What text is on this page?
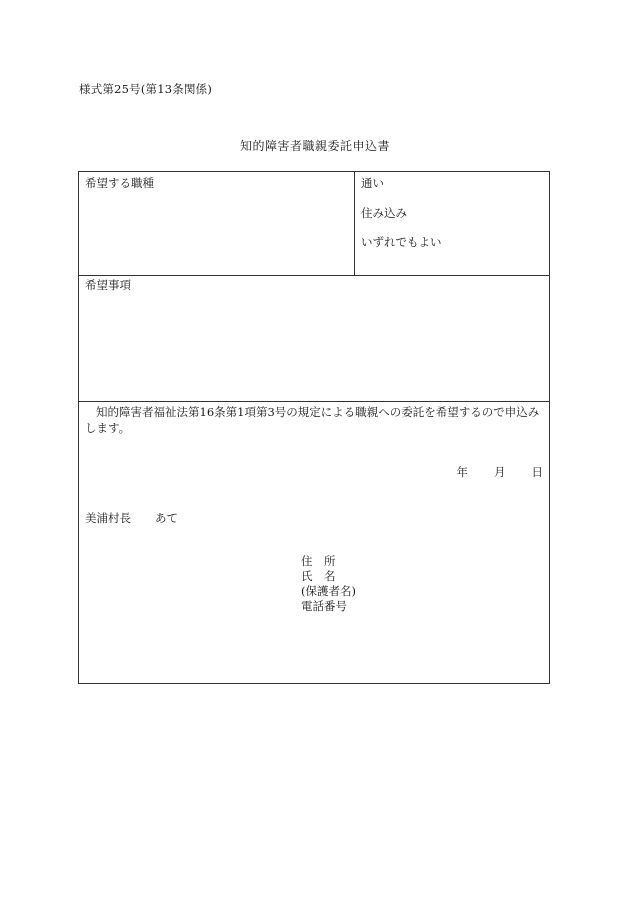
様式第25号(第13条関係)
知的障害者職親委託申込書
希望する職種	通い
住み込み
いずれでもよい
希望事項
知的障害者福祉法第16条第1項第3号の規定による職親への委託を希望するので申込みします。
年 月 日
美浦村長 あて
住　所
氏　名
(保護者名)
電話番号
